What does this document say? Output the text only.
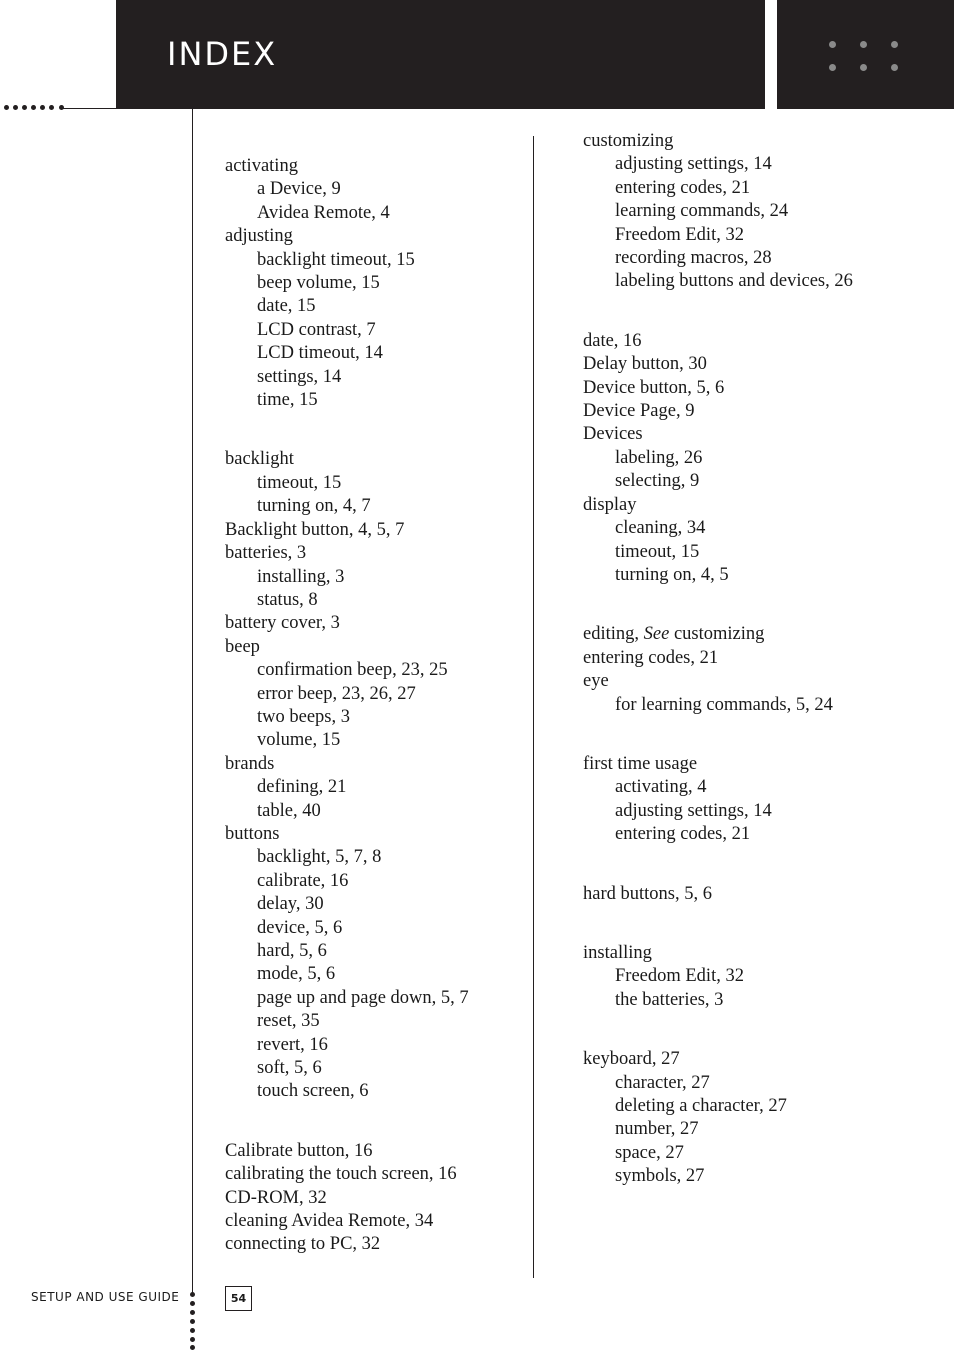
INDEX
activating
a Device, 9
Avidea Remote, 4
adjusting
backlight timeout, 15
beep volume, 15
date, 15
LCD contrast, 7
LCD timeout, 14
settings, 14
time, 15
backlight
timeout, 15
turning on, 4, 7
Backlight button, 4, 5, 7
batteries, 3
installing, 3
status, 8
battery cover, 3
beep
confirmation beep, 23, 25
error beep, 23, 26, 27
two beeps, 3
volume, 15
brands
defining, 21
table, 40
buttons
backlight, 5, 7, 8
calibrate, 16
delay, 30
device, 5, 6
hard, 5, 6
mode, 5, 6
page up and page down, 5, 7
reset, 35
revert, 16
soft, 5, 6
touch screen, 6
Calibrate button, 16
calibrating the touch screen, 16
CD-ROM, 32
cleaning Avidea Remote, 34
connecting to PC, 32
customizing
adjusting settings, 14
entering codes, 21
learning commands, 24
Freedom Edit, 32
recording macros, 28
labeling buttons and devices, 26
date, 16
Delay button, 30
Device button, 5, 6
Device Page, 9
Devices
labeling, 26
selecting, 9
display
cleaning, 34
timeout, 15
turning on, 4, 5
editing, See customizing
entering codes, 21
eye
for learning commands, 5, 24
first time usage
activating, 4
adjusting settings, 14
entering codes, 21
hard buttons, 5, 6
installing
Freedom Edit, 32
the batteries, 3
keyboard, 27
character, 27
deleting a character, 27
number, 27
space, 27
symbols, 27
SETUP AND USE GUIDE	54
